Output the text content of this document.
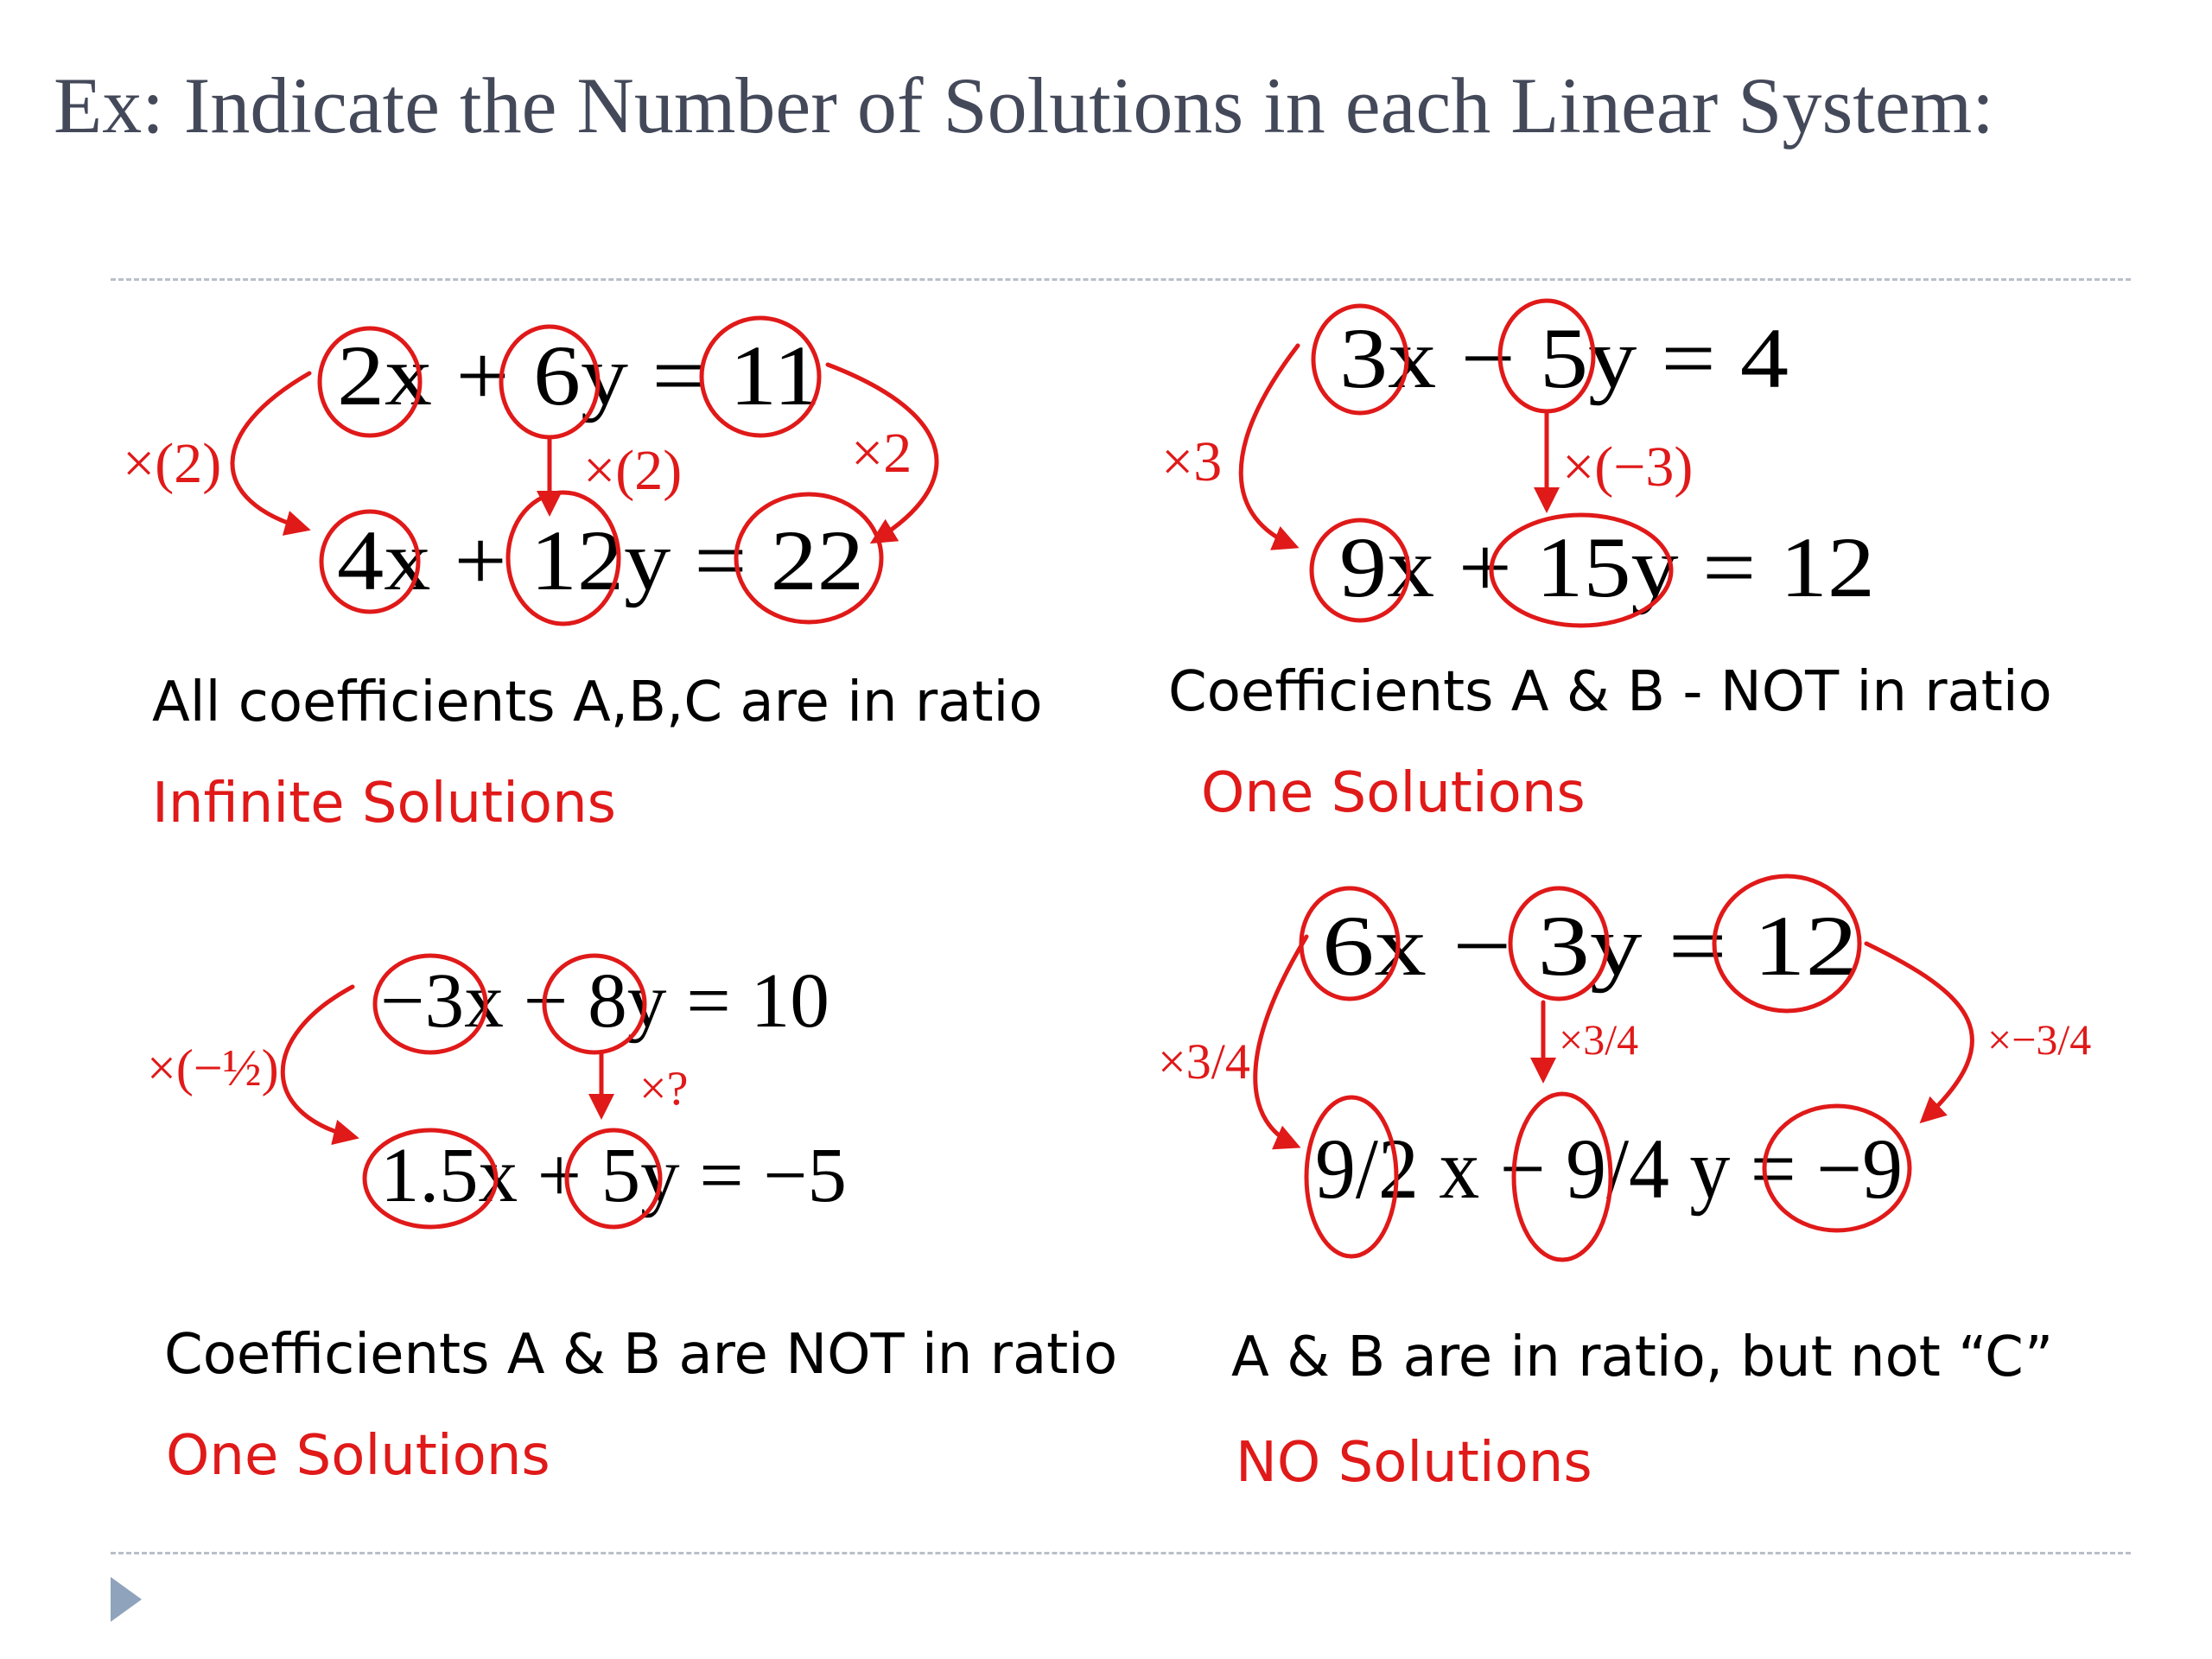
Ex: Indicate the Number of Solutions in each Linear System:
2x + 6y = 11
4x + 12y = 22
×(2)	×(2)	×2
3x − 5y = 4
9x + 15y = 12
×3	×(−3)
−3x − 8y = 10
1.5x + 5y = −5
×(−½)	×?
6x − 3y = 12
9/2 x − 9/4 y = −9
×3/4	×3/4	×−3/4
All coefficients A,B,C are in ratio
Infinite Solutions
Coefficients A & B - NOT in ratio
One Solutions
Coefficients A & B are NOT in ratio
One Solutions
A & B are in ratio, but not “C”
NO Solutions
